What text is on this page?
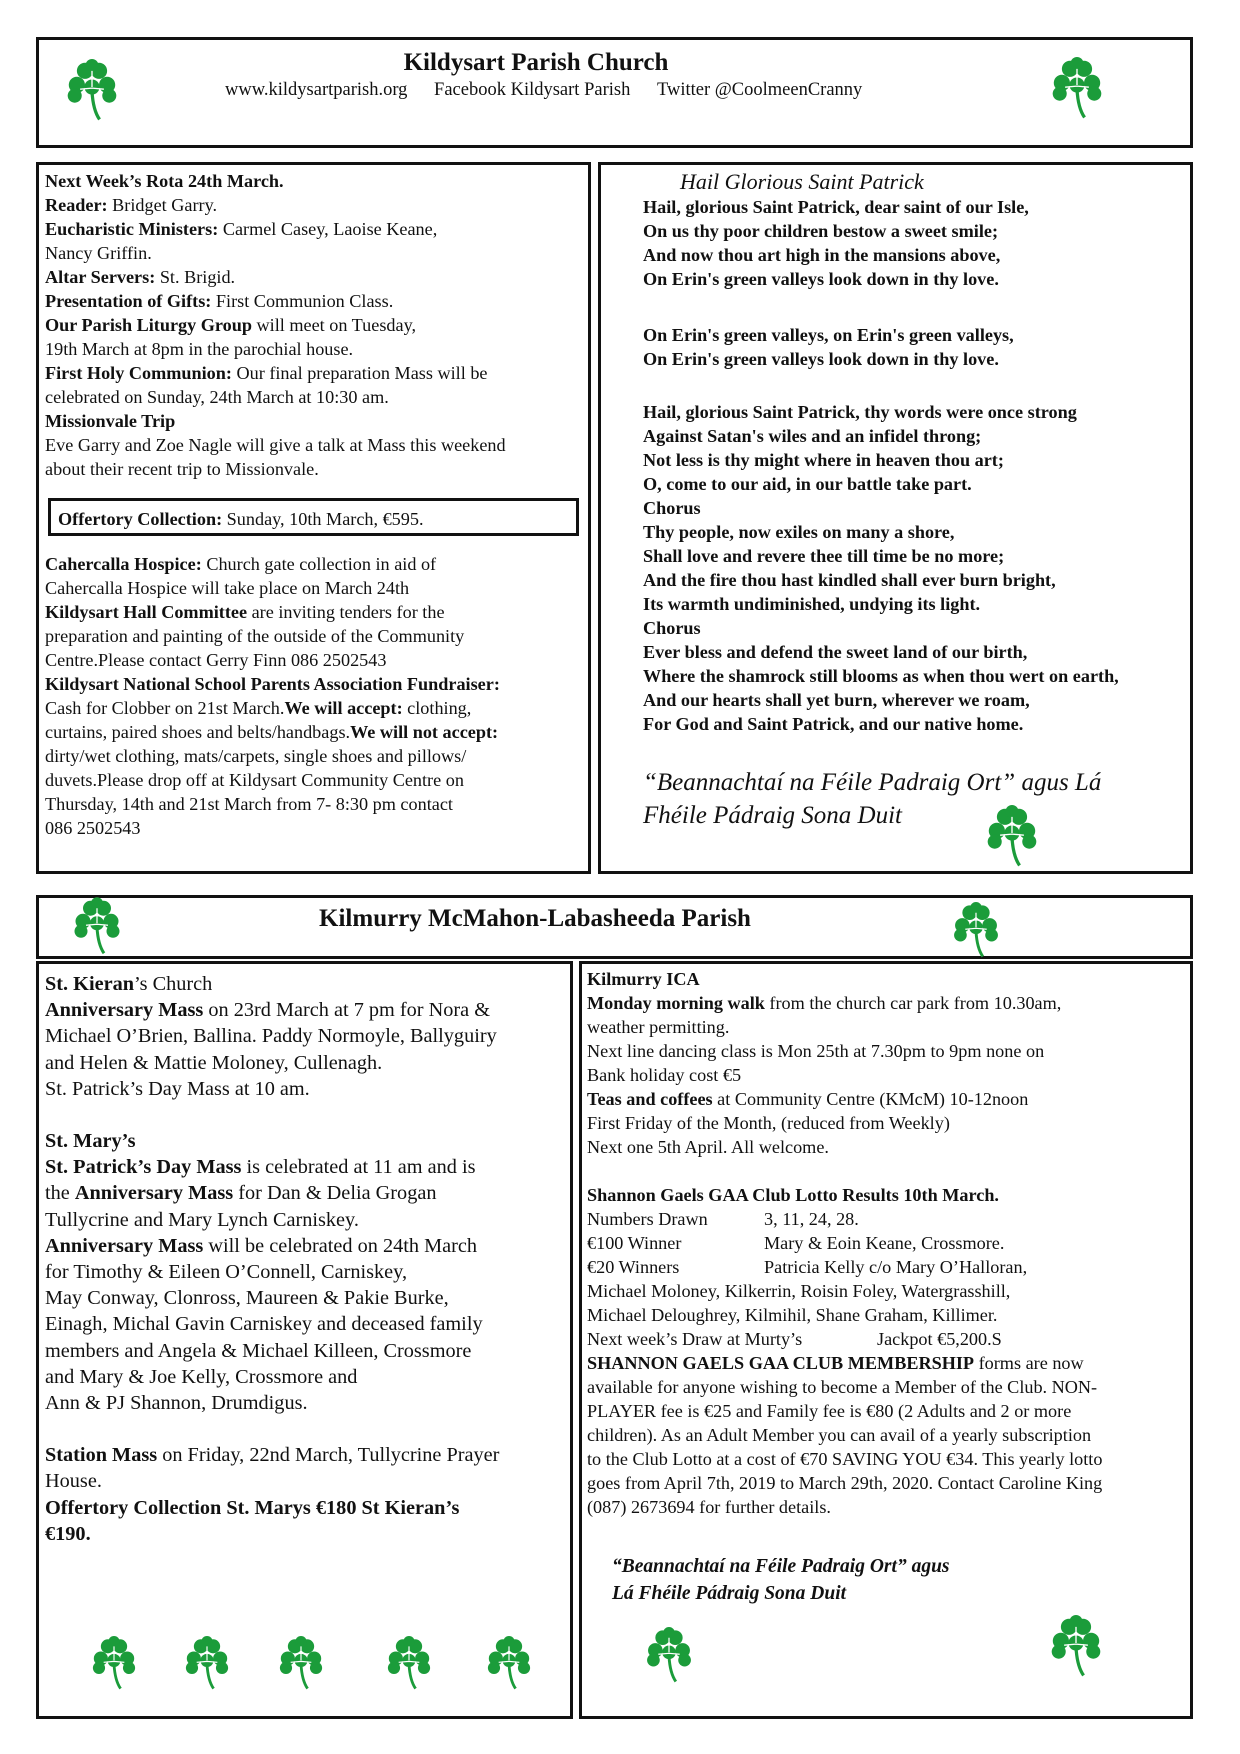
Kildysart Parish Church
www.kildysartparish.org Facebook Kildysart Parish Twitter @CoolmeenCranny
Next Week’s Rota 24th March.
Reader: Bridget Garry.
Eucharistic Ministers: Carmel Casey, Laoise Keane,
Nancy Griffin.
Altar Servers: St. Brigid.
Presentation of Gifts: First Communion Class.
Our Parish Liturgy Group will meet on Tuesday,
19th March at 8pm in the parochial house.
First Holy Communion: Our final preparation Mass will be
celebrated on Sunday, 24th March at 10:30 am.
Missionvale Trip
Eve Garry and Zoe Nagle will give a talk at Mass this weekend
about their recent trip to Missionvale.
Offertory Collection: Sunday, 10th March, €595.
Cahercalla Hospice: Church gate collection in aid of
Cahercalla Hospice will take place on March 24th
Kildysart Hall Committee are inviting tenders for the
preparation and painting of the outside of the Community
Centre.Please contact Gerry Finn 086 2502543
Kildysart National School Parents Association Fundraiser:
Cash for Clobber on 21st March.We will accept: clothing,
curtains, paired shoes and belts/handbags.We will not accept:
dirty/wet clothing, mats/carpets, single shoes and pillows/
duvets.Please drop off at Kildysart Community Centre on
Thursday, 14th and 21st March from 7- 8:30 pm contact
086 2502543
Hail Glorious Saint Patrick
Hail, glorious Saint Patrick, dear saint of our Isle,
On us thy poor children bestow a sweet smile;
And now thou art high in the mansions above,
On Erin's green valleys look down in thy love.
On Erin's green valleys, on Erin's green valleys,
On Erin's green valleys look down in thy love.
Hail, glorious Saint Patrick, thy words were once strong
Against Satan's wiles and an infidel throng;
Not less is thy might where in heaven thou art;
O, come to our aid, in our battle take part.
Chorus
Thy people, now exiles on many a shore,
Shall love and revere thee till time be no more;
And the fire thou hast kindled shall ever burn bright,
Its warmth undiminished, undying its light.
Chorus
Ever bless and defend the sweet land of our birth,
Where the shamrock still blooms as when thou wert on earth,
And our hearts shall yet burn, wherever we roam,
For God and Saint Patrick, and our native home.
“Beannachtaí na Féile Padraig Ort” agus Lá
Fhéile Pádraig Sona Duit
Kilmurry McMahon-Labasheeda Parish
St. Kieran’s Church
Anniversary Mass on 23rd March at 7 pm for Nora &
Michael O’Brien, Ballina. Paddy Normoyle, Ballyguiry
and Helen & Mattie Moloney, Cullenagh.
St. Patrick’s Day Mass at 10 am.
St. Mary’s
St. Patrick’s Day Mass is celebrated at 11 am and is
the Anniversary Mass for Dan & Delia Grogan
Tullycrine and Mary Lynch Carniskey.
Anniversary Mass will be celebrated on 24th March
for Timothy & Eileen O’Connell, Carniskey,
May Conway, Clonross, Maureen & Pakie Burke,
Einagh, Michal Gavin Carniskey and deceased family
members and Angela & Michael Killeen, Crossmore
and Mary & Joe Kelly, Crossmore and
Ann & PJ Shannon, Drumdigus.
Station Mass on Friday, 22nd March, Tullycrine Prayer
House.
Offertory Collection St. Marys €180 St Kieran’s
€190.
Kilmurry ICA
Monday morning walk from the church car park from 10.30am,
weather permitting.
Next line dancing class is Mon 25th at 7.30pm to 9pm none on
Bank holiday cost €5
Teas and coffees at Community Centre (KMcM) 10-12noon
First Friday of the Month, (reduced from Weekly)
Next one 5th April. All welcome.
Shannon Gaels GAA Club Lotto Results 10th March.
Numbers Drawn	3, 11, 24, 28.
€100 Winner	Mary & Eoin Keane, Crossmore.
€20 Winners	Patricia Kelly c/o Mary O’Halloran,
Michael Moloney, Kilkerrin, Roisin Foley, Watergrasshill,
Michael Deloughrey, Kilmihil, Shane Graham, Killimer.
Next week’s Draw at Murty’s	Jackpot €5,200.S
SHANNON GAELS GAA CLUB MEMBERSHIP forms are now
available for anyone wishing to become a Member of the Club. NON-
PLAYER fee is €25 and Family fee is €80 (2 Adults and 2 or more
children). As an Adult Member you can avail of a yearly subscription
to the Club Lotto at a cost of €70 SAVING YOU €34. This yearly lotto
goes from April 7th, 2019 to March 29th, 2020. Contact Caroline King
(087) 2673694 for further details.
“Beannachtaí na Féile Padraig Ort” agus
Lá Fhéile Pádraig Sona Duit
